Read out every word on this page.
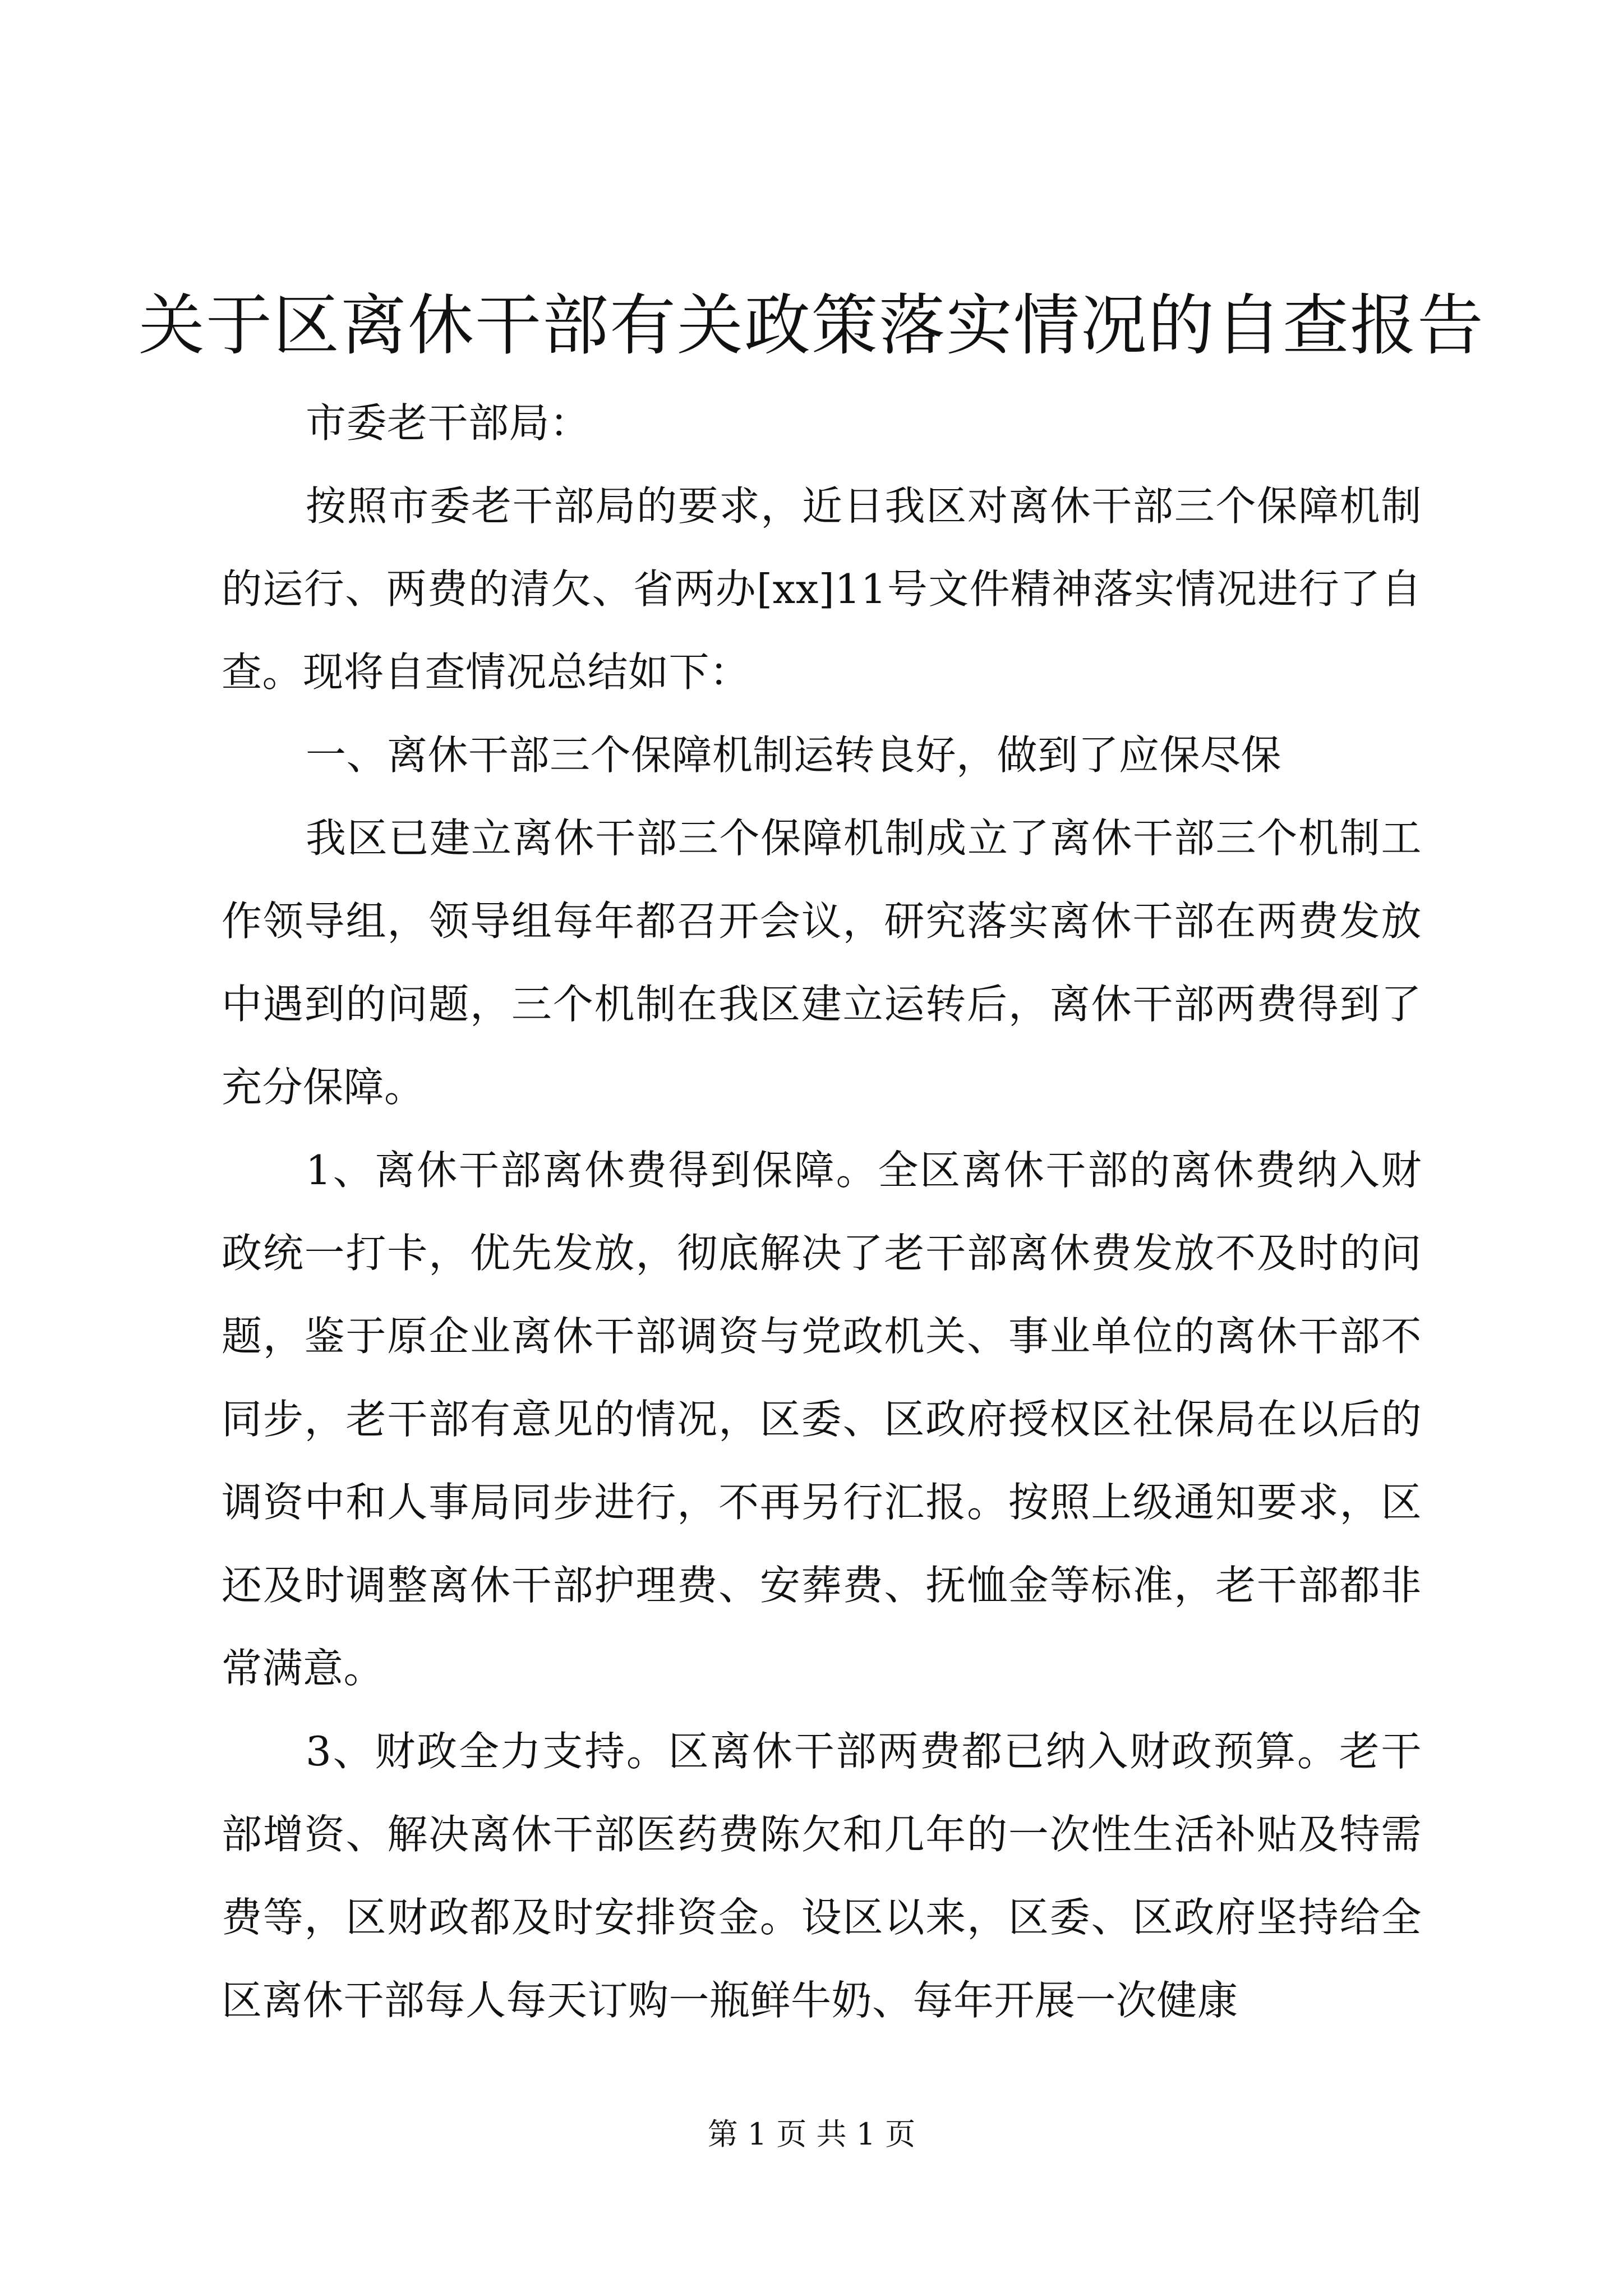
关于区离休干部有关政策落实情况的自查报告

市委老干部局：

按照市委老干部局的要求，近日我区对离休干部三个保障机制的运行、两费的清欠、省两办[xx]11号文件精神落实情况进行了自查。现将自查情况总结如下：

一、离休干部三个保障机制运转良好，做到了应保尽保

我区已建立离休干部三个保障机制成立了离休干部三个机制工作领导组，领导组每年都召开会议，研究落实离休干部在两费发放中遇到的问题，三个机制在我区建立运转后，离休干部两费得到了充分保障。

1、离休干部离休费得到保障。全区离休干部的离休费纳入财政统一打卡，优先发放，彻底解决了老干部离休费发放不及时的问题，鉴于原企业离休干部调资与党政机关、事业单位的离休干部不同步，老干部有意见的情况，区委、区政府授权区社保局在以后的调资中和人事局同步进行，不再另行汇报。按照上级通知要求，区还及时调整离休干部护理费、安葬费、抚恤金等标准，老干部都非常满意。

3、财政全力支持。区离休干部两费都已纳入财政预算。老干部增资、解决离休干部医药费陈欠和几年的一次性生活补贴及特需费等，区财政都及时安排资金。设区以来，区委、区政府坚持给全区离休干部每人每天订购一瓶鲜牛奶、每年开展一次健康

第 1 页 共 1 页
